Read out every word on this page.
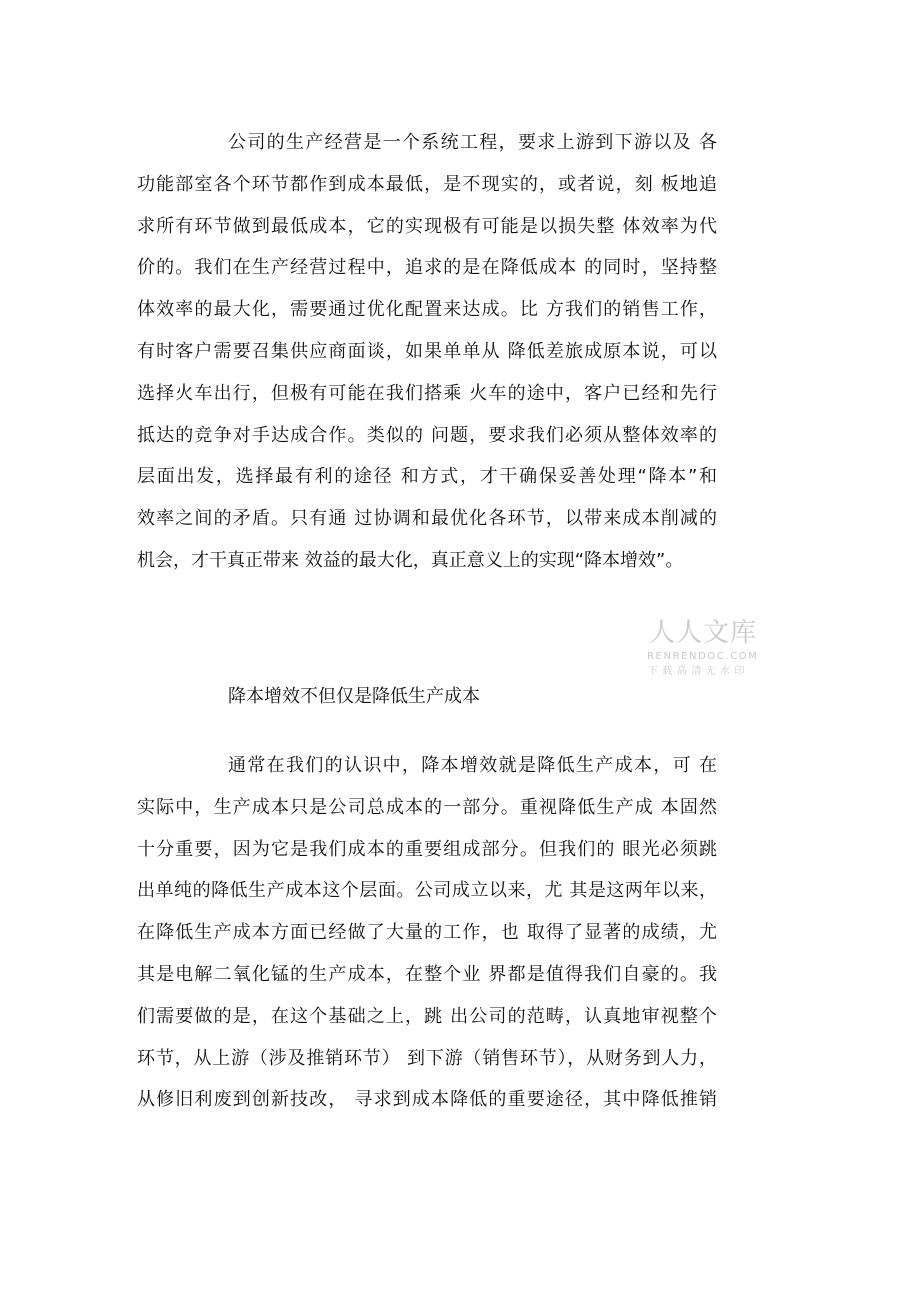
公司的生产经营是一个系统工程，要求上游到下游以及 各
功能部室各个环节都作到成本最低，是不现实的，或者说，刻 板地追
求所有环节做到最低成本，它的实现极有可能是以损失整 体效率为代
价的。我们在生产经营过程中，追求的是在降低成本 的同时，坚持整
体效率的最大化，需要通过优化配置来达成。比 方我们的销售工作，
有时客户需要召集供应商面谈，如果单单从 降低差旅成原本说，可以
选择火车出行，但极有可能在我们搭乘 火车的途中，客户已经和先行
抵达的竞争对手达成合作。类似的 问题，要求我们必须从整体效率的
层面出发，选择最有利的途径 和方式，才干确保妥善处理“降本”和
效率之间的矛盾。只有通 过协调和最优化各环节，以带来成本削减的
机会，才干真正带来 效益的最大化，真正意义上的实现“降本增效”。
人人文库
RENRENDOC.COM
下载高清无水印
降本增效不但仅是降低生产成本
通常在我们的认识中，降本增效就是降低生产成本，可 在
实际中，生产成本只是公司总成本的一部分。重视降低生产成 本固然
十分重要，因为它是我们成本的重要组成部分。但我们的 眼光必须跳
出单纯的降低生产成本这个层面。公司成立以来，尤 其是这两年以来，
在降低生产成本方面已经做了大量的工作，也 取得了显著的成绩，尤
其是电解二氧化锰的生产成本，在整个业 界都是值得我们自豪的。我
们需要做的是，在这个基础之上，跳 出公司的范畴，认真地审视整个
环节，从上游（涉及推销环节） 到下游（销售环节），从财务到人力，
从修旧利废到创新技改， 寻求到成本降低的重要途径，其中降低推销
